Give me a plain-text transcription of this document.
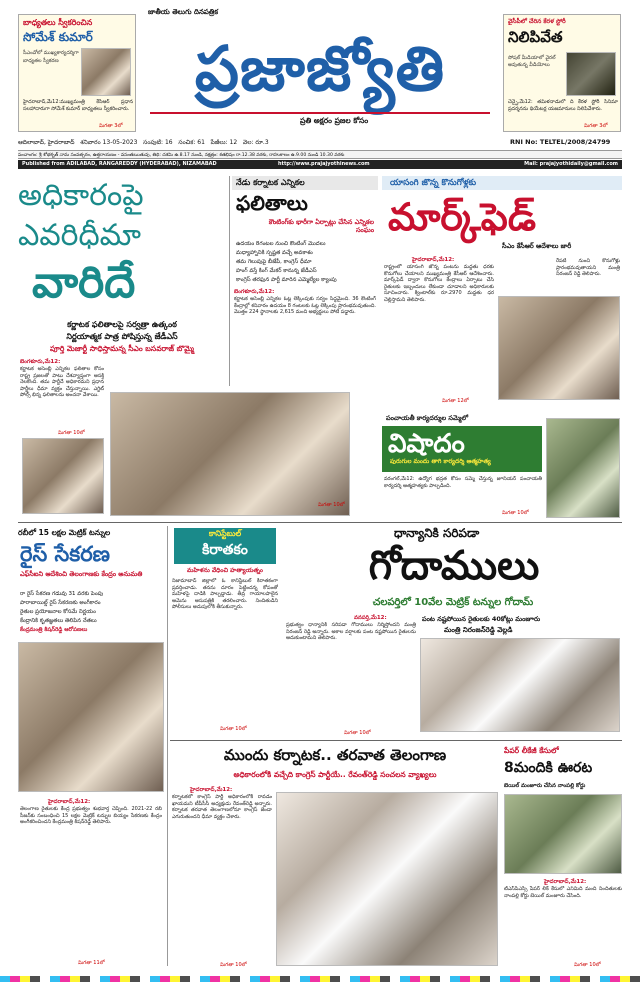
బాధ్యతలు స్వీకరించిన
సోమేశ్ కుమార్
సీఎంవోలో ముఖ్యకార్యదర్శిగా బాధ్యతల స్వీకరణ
హైదరాబాద్,మే12:ముఖ్యమంత్రి కేసీఆర్ ప్రధాన సలహాదారుగా సోమేశ్ కుమార్ బాధ్యతలు స్వీకరించారు.
మిగతా 3లో
జాతీయ తెలుగు దినపత్రిక
ప్రజాజ్యోతి
ప్రతి అక్షరం ప్రజల కోసం
వైసీపీలో చేరిన కేరళ స్టోరీ
నిలిపివేత
సోషల్ మీడియాలో వైరల్ అవుతున్న వీడియోలు
చెన్నై,మే12: తమిళనాడులో ది కేరళ స్టోరీ సినిమా ప్రదర్శనను థియేటర్ల యజమానులు నిలిపివేశారు.
మిగతా 3లో
RNI No: TELTEL/2008/24799
ఆదిలాబాద్, హైదరాబాద్ శనివారం 13-05-2023 సంపుటి: 16 సంచిక: 61 పేజీలు: 12 వెల: రూ.3
పంచాంగం: శ్రీ శోభకృత్ నామ సంవత్సరం, ఉత్తరాయణం - వసంతఋతువు, తిథి: దశమి ఉ.8.17 నుండి, నక్షత్రం: శతభిషం రా.12.38 వరకు, రాహుకాలం ఉ.9.00 నుండి 10.30 వరకు
Published from ADILABAD, RANGAREDDY (HYDERABAD), NIZAMABAD	http://www.prajajyothinews.com	Mail: prajajyothidaily@gmail.com
అధికారంపై
ఎవరిధీమా
వారిదే
కర్ణాటక ఫలితాలపై సర్వత్రా ఉత్కంఠ
నిర్ణయాత్మక పాత్ర పోషిస్తున్న జేడీఎస్
పూర్తి మెజార్టీ సాధిస్తామన్న సీఎం బసవరాజ్ బొమ్మై
బెంగళూరు,మే12:
కర్ణాటక అసెంబ్లీ ఎన్నికల ఫలితాల కోసం రాష్ట్ర ప్రజలతో పాటు దేశవ్యాప్తంగా ఆసక్తి నెలకొంది. తమ పార్టీదే అధికారమని ప్రధాన పార్టీలు ధీమా వ్యక్తం చేస్తున్నాయి. ఎగ్జిట్ పోల్స్ భిన్న ఫలితాలను అంచనా వేశాయి.
మిగతా 10లో
నేడు కర్నాటక ఎన్నికల
ఫలితాలు
కౌంటింగ్‌కు భారీగా ఏర్పాట్లు చేసిన ఎన్నికల సంఘం
ఉదయం 8గంటల నుంచి కౌంటింగ్ మొదలు
మధ్యాహ్నానికి స్పష్టత వచ్చే అవకాశం
తమ గెలుపుపై బీజేపీ, కాంగ్రెస్ ధీమా
హంగ్ వస్తే కింగ్ మేకర్ కానున్న జేడీఎస్
కాంగ్రెస్ తరఫున పార్టీ మారిన ఎమ్మెల్యేల క్యాంపు
బెంగళూరు,మే12:
కర్ణాటక అసెంబ్లీ ఎన్నికల ఓట్ల లెక్కింపుకు సర్వం సిద్ధమైంది. 36 కౌంటింగ్ కేంద్రాల్లో శనివారం ఉదయం 8 గంటలకు ఓట్ల లెక్కింపు ప్రారంభమవుతుంది. మొత్తం 224 స్థానాలకు 2,615 మంది అభ్యర్థులు పోటీ పడ్డారు.
మిగతా 10లో
యాసంగి జొన్న కొనుగోళ్లకు
మార్క్‌ఫెడ్
సీఎం కేసీఆర్ ఆదేశాలు జారీ
హైదరాబాద్,మే12:
రాష్ట్రంలో యాసంగి జొన్న పంటను మద్దతు ధరకు కొనుగోలు చేయాలని ముఖ్యమంత్రి కేసీఆర్ ఆదేశించారు. మార్క్‌ఫెడ్ ద్వారా కొనుగోలు కేంద్రాలు ఏర్పాటు చేసి రైతులకు ఇబ్బందులు లేకుండా చూడాలని అధికారులకు సూచించారు. క్వింటాల్‌కు రూ.2970 మద్దతు ధర చెల్లిస్తామని తెలిపారు.
రేపటి నుంచి కొనుగోళ్లు ప్రారంభమవుతాయని మంత్రి నిరంజన్ రెడ్డి తెలిపారు.
మిగతా 12లో
పంచాయతీ కార్యదర్శుల సమ్మెలో
విషాదం
పురుగుల మందు తాగి కార్యదర్శి ఆత్మహత్య
వరంగల్,మే12: ఉద్యోగ భద్రత కోసం సమ్మె చేస్తున్న జూనియర్ పంచాయతీ కార్యదర్శి ఆత్మహత్యకు పాల్పడింది.
మిగతా 10లో
రబీలో 15 లక్షల మెట్రిక్ టన్నుల
రైస్ సేకరణ
ఎఫ్‌సీఐని ఆదేశించి తెలంగాణకు కేంద్రం అనుమతి
రా రైస్ సేకరణ గడువు 31 వరకు పెంపు
పారాబాయిల్డ్ రైస్ సేకరణకు అంగీకారం
రైతుల ప్రయోజనాల కోసమే నిర్ణయం
కేంద్రానికి కృతజ్ఞతలు తెలిపిన నేతలు
కేంద్రమంత్రి కిషన్‌రెడ్డి ఆరోపణలు
హైదరాబాద్,మే12:
తెలంగాణ రైతులకు కేంద్ర ప్రభుత్వం శుభవార్త చెప్పింది. 2021-22 రబీ సీజన్‌కు సంబంధించి 15 లక్షల మెట్రిక్ టన్నుల బియ్యం సేకరణకు కేంద్రం అంగీకరించిందని కేంద్రమంత్రి కిషన్‌రెడ్డి తెలిపారు.
మిగతా 11లో
కానిస్టేబుల్
కిరాతకం
మహిళను వేధించి హత్యాయత్నం
నిజామాబాద్ జిల్లాలో ఓ కానిస్టేబుల్ కిరాతకంగా ప్రవర్తించాడు. తనను దూరం పెట్టిందన్న కోపంతో మహిళపై దాడికి పాల్పడ్డాడు. తీవ్ర గాయాలపాలైన ఆమెను ఆసుపత్రికి తరలించారు. నిందితుడిని పోలీసులు అదుపులోకి తీసుకున్నారు.
మిగతా 10లో
ధాన్యానికి సరిపడా
గోదాములు
చలపర్తిలో 10వేల మెట్రిక్ టన్నుల గోదామ్
వనపర్తి,మే12:
ప్రభుత్వం ధాన్యానికి సరిపడా గోదాములు నిర్మిస్తోందని మంత్రి నిరంజన్ రెడ్డి అన్నారు. అకాల వర్షాలకు పంట నష్టపోయిన రైతులను ఆదుకుంటామని తెలిపారు.
పంట నష్టపోయిన రైతులకు 40కోట్లు మంజూరు
మంత్రి నిరంజన్‌రెడ్డి వెల్లడి
మిగతా 10లో
ముందు కర్నాటక.. తరవాత తెలంగాణ
అధికారంలోకి వచ్చేది కాంగ్రెస్ పార్టీయే.. రేవంత్‌రెడ్డి సంచలన వ్యాఖ్యలు
హైదరాబాద్,మే12:
కర్నాటకలో కాంగ్రెస్ పార్టీ అధికారంలోకి రావడం ఖాయమని టీపీసీసీ అధ్యక్షుడు రేవంత్‌రెడ్డి అన్నారు. కర్నాటక తరవాత తెలంగాణలోనూ కాంగ్రెస్ జెండా ఎగురుతుందని ధీమా వ్యక్తం చేశారు.
మిగతా 10లో
పేపర్ లీకేజీ కేసులో
8మందికి ఊరట
బెయిల్ మంజూరు చేసిన నాంపల్లి కోర్టు
హైదరాబాద్,మే12:
టీఎస్‌పీఎస్సీ పేపర్ లీక్ కేసులో ఎనిమిది మంది నిందితులకు నాంపల్లి కోర్టు బెయిల్ మంజూరు చేసింది.
మిగతా 10లో
